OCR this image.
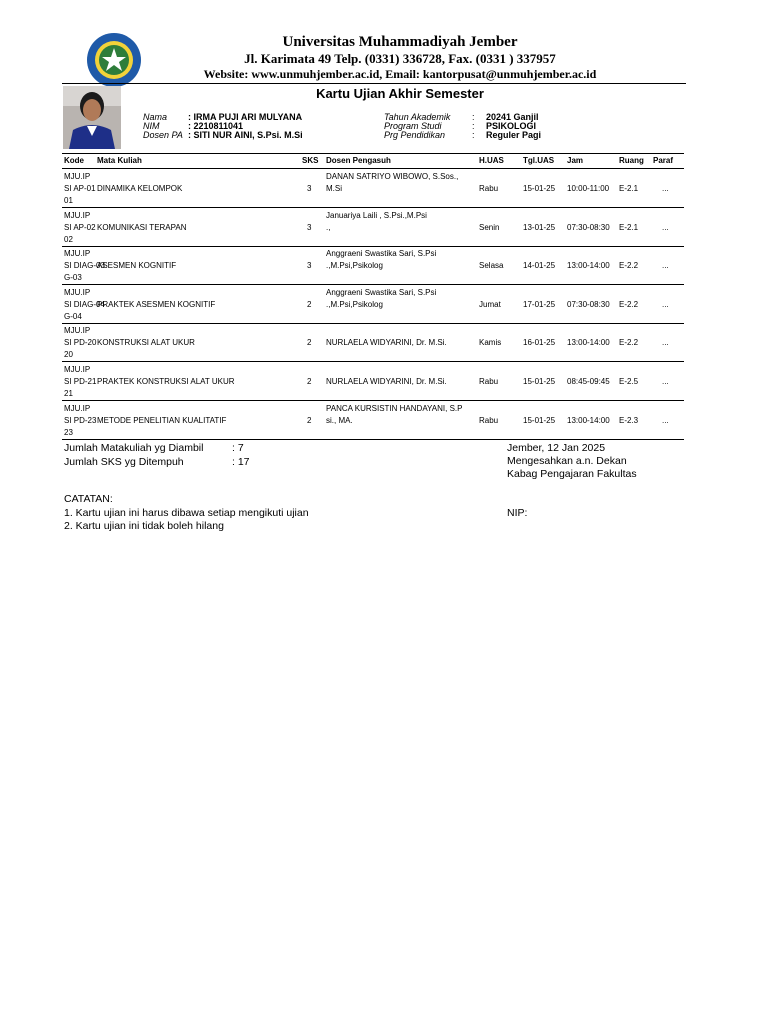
Universitas Muhammadiyah Jember
Jl. Karimata 49 Telp. (0331) 336728, Fax. (0331 ) 337957
Website: www.unmuhjember.ac.id, Email: kantorpusat@unmuhjember.ac.id
Kartu Ujian Akhir Semester
Nama : IRMA PUJI ARI MULYANA
NIM	: 2210811041
Dosen PA : SITI NUR AINI, S.Psi. M.Si
Tahun Akademik : 20241 Ganjil
Program Studi	: PSIKOLOGI
Prg Pendidikan	: Reguler Pagi
Kode Mata Kuliah	SKS Dosen Pengasuh	H.UAS Tgl.UAS Jam	Ruang Paraf
MJU.IP
SI AP-01
01
DINAMIKA KELOMPOK	3
DANAN SATRIYO WIBOWO, S.Sos.,
M.Si	Rabu	15-01-25 10:00-11:00 E-2.1	...
MJU.IP
SI AP-02
02
KOMUNIKASI TERAPAN	3
Januariya Laili , S.Psi.,M.Psi
.,	Senin	13-01-25 07:30-08:30 E-2.1	...
MJU.IP
SI DIAG-03
G-03
ASESMEN KOGNITIF	3
Anggraeni Swastika Sari, S.Psi
.,M.Psi,Psikolog	Selasa 14-01-25 13:00-14:00 E-2.2	...
MJU.IP
SI DIAG-04
G-04
PRAKTEK ASESMEN KOGNITIF	2
Anggraeni Swastika Sari, S.Psi
.,M.Psi,Psikolog	Jumat	17-01-25 07:30-08:30 E-2.2	...
MJU.IP
SI PD-20
20
KONSTRUKSI ALAT UKUR	2 NURLAELA WIDYARINI, Dr. M.Si.	Kamis	16-01-25 13:00-14:00 E-2.2	...
MJU.IP
SI PD-21
21
PRAKTEK KONSTRUKSI ALAT UKUR	2 NURLAELA WIDYARINI, Dr. M.Si.	Rabu	15-01-25 08:45-09:45 E-2.5	...
MJU.IP
SI PD-23
23
METODE PENELITIAN KUALITATIF	2
PANCA KURSISTIN HANDAYANI, S.P
si., MA.	Rabu	15-01-25 13:00-14:00 E-2.3	...
Jumlah Matakuliah yg Diambil	: 7
Jumlah SKS yg Ditempuh	: 17
Jember, 12 Jan 2025
Mengesahkan a.n. Dekan
Kabag Pengajaran Fakultas
NIP:
CATATAN:
1. Kartu ujian ini harus dibawa setiap mengikuti ujian
2. Kartu ujian ini tidak boleh hilang
